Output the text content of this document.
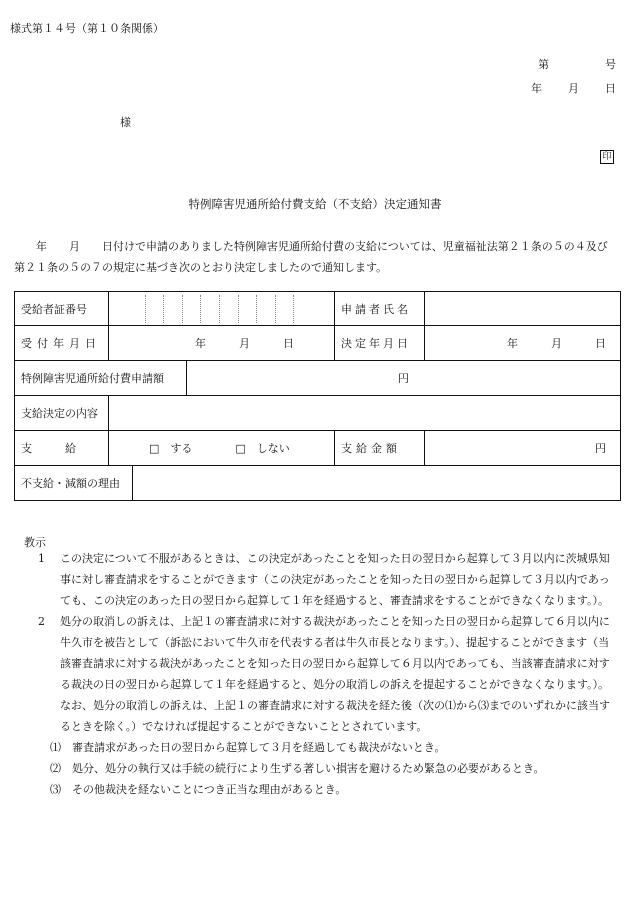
様式第１４号（第１０条関係）
第	号
年 月 日
様
印
特例障害児通所給付費支給（不支給）決定通知書
年　　月　　日付けで申請のありました特例障害児通所給付費の支給については、児童福祉法第２１条の５の４及び第２１条の５の７の規定に基づき次のとおり決定しましたので通知します。
受給者証番号				申請者氏名	
受付年月日	年　　　月　　　日			決定年月日	年　　　月　　　日
特例障害児通所給付費申請額			円		
支給決定の内容					
支　　　給	□　する □　しない			支給金額	円
不支給・減額の理由					
教示
1 この決定について不服があるときは、この決定があったことを知った日の翌日から起算して３月以内に茨城県知事に対し審査請求をすることができます（この決定があったことを知った日の翌日から起算して３月以内であっても、この決定のあった日の翌日から起算して１年を経過すると、審査請求をすることができなくなります。）。
2 処分の取消しの訴えは、上記１の審査請求に対する裁決があったことを知った日の翌日から起算して６月以内に牛久市を被告として（訴訟において牛久市を代表する者は牛久市長となります。）、提起することができます（当該審査請求に対する裁決があったことを知った日の翌日から起算して６月以内であっても、当該審査請求に対する裁決の日の翌日から起算して１年を経過すると、処分の取消しの訴えを提起することができなくなります。）。なお、処分の取消しの訴えは、上記１の審査請求に対する裁決を経た後（次の⑴から⑶までのいずれかに該当するときを除く。）でなければ提起することができないこととされています。
⑴ 審査請求があった日の翌日から起算して３月を経過しても裁決がないとき。
⑵ 処分、処分の執行又は手続の続行により生ずる著しい損害を避けるため緊急の必要があるとき。
⑶ その他裁決を経ないことにつき正当な理由があるとき。
